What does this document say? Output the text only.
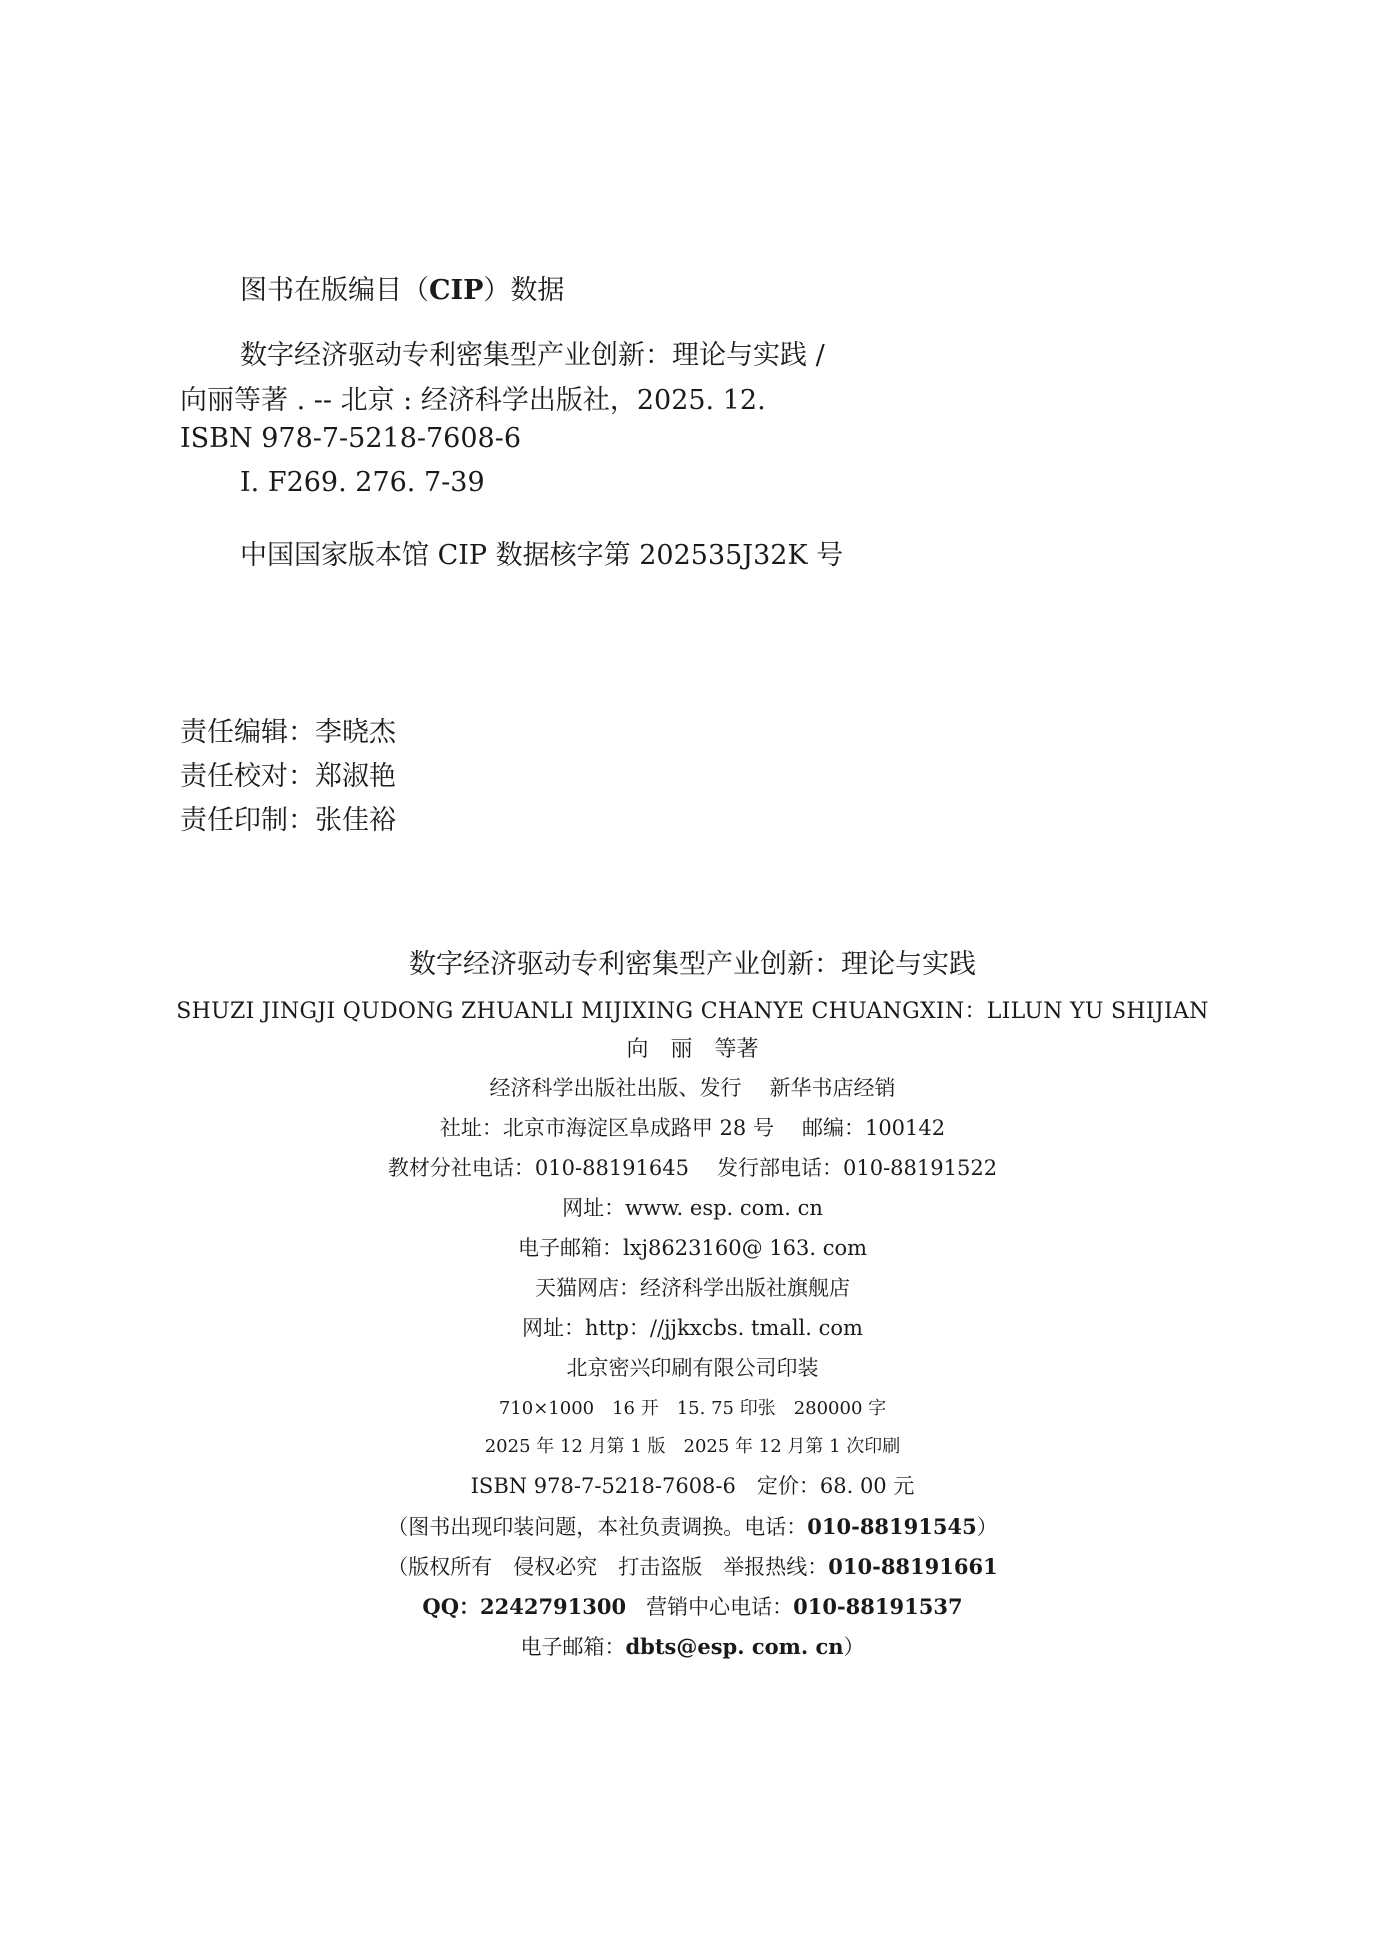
图书在版编目（CIP）数据
数字经济驱动专利密集型产业创新：理论与实践 /
向丽等著 . -- 北京 : 经济科学出版社，2025. 12.
ISBN 978-7-5218-7608-6
Ⅰ. F269. 276. 7-39
中国国家版本馆 CIP 数据核字第 202535J32K 号
责任编辑：李晓杰
责任校对：郑淑艳
责任印制：张佳裕
数字经济驱动专利密集型产业创新：理论与实践
SHUZI JINGJI QUDONG ZHUANLI MIJIXING CHANYE CHUANGXIN：LILUN YU SHIJIAN
向　丽　等著
经济科学出版社出版、发行 新华书店经销
社址：北京市海淀区阜成路甲 28 号 邮编：100142
教材分社电话：010-88191645 发行部电话：010-88191522
网址：www. esp. com. cn
电子邮箱：lxj8623160@ 163. com
天猫网店：经济科学出版社旗舰店
网址：http：//jjkxcbs. tmall. com
北京密兴印刷有限公司印装
710×1000　16 开　15. 75 印张　280000 字
2025 年 12 月第 1 版　2025 年 12 月第 1 次印刷
ISBN 978-7-5218-7608-6　定价：68. 00 元
（图书出现印装问题，本社负责调换。电话：010-88191545）
（版权所有　侵权必究　打击盗版　举报热线：010-88191661
QQ：2242791300 营销中心电话：010-88191537
电子邮箱：dbts@esp. com. cn）
